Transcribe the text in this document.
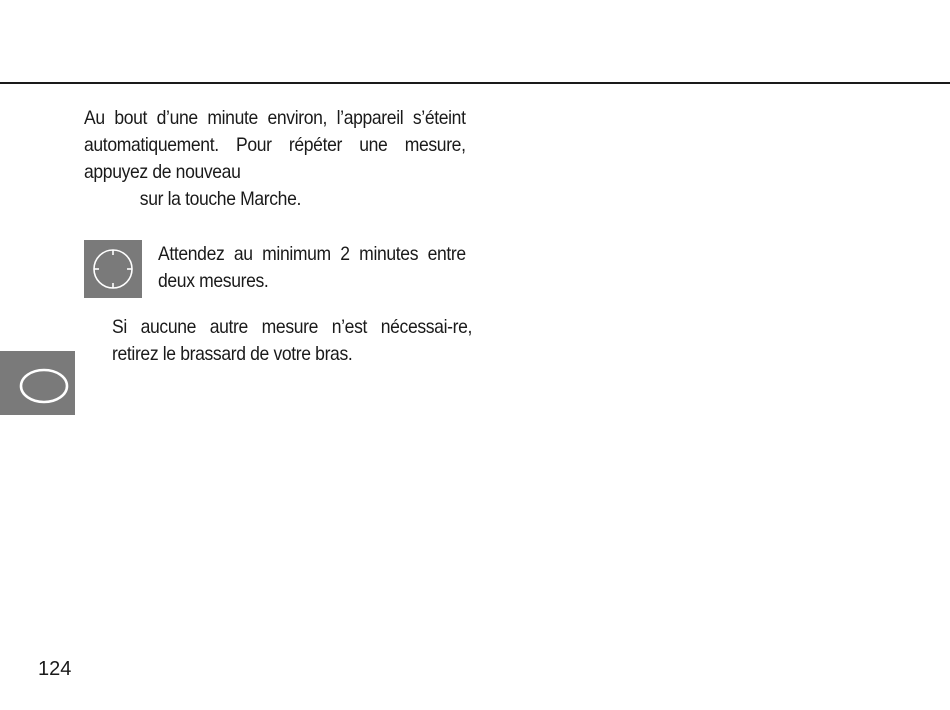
Au bout d’une minute environ, l’appareil s’éteint automatiquement. Pour répéter une mesure, appuyez de nouveau
sur la touche Marche.
Attendez au minimum 2 minutes entre deux mesures.
Si aucune autre mesure n’est nécessai-re, retirez le brassard de votre bras.
124
